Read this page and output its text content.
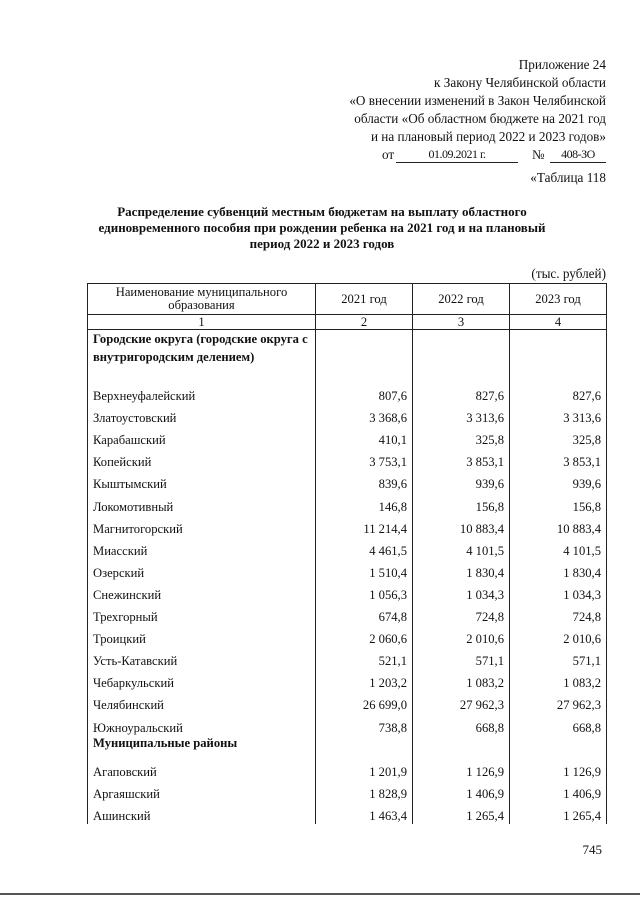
Приложение 24
к Закону Челябинской области
«О внесении изменений в Закон Челябинской
области «Об областном бюджете на 2021 год
и на плановый период 2022 и 2023 годов»
от	01.09.2021 г.	№	408-ЗО
«Таблица 118
Распределение субвенций местным бюджетам на выплату областного единовременного пособия при рождении ребенка на 2021 год и на плановый период 2022 и 2023 годов
(тыс. рублей)
Наименование муниципального образования	2021 год	2022 год	2023 год
1	2	3	4
Городские округа (городские округа с внутригородским делением)			
Верхнеуфалейский	807,6	827,6	827,6
Златоустовский	3 368,6	3 313,6	3 313,6
Карабашский	410,1	325,8	325,8
Копейский	3 753,1	3 853,1	3 853,1
Кыштымский	839,6	939,6	939,6
Локомотивный	146,8	156,8	156,8
Магнитогорский	11 214,4	10 883,4	10 883,4
Миасский	4 461,5	4 101,5	4 101,5
Озерский	1 510,4	1 830,4	1 830,4
Снежинский	1 056,3	1 034,3	1 034,3
Трехгорный	674,8	724,8	724,8
Троицкий	2 060,6	2 010,6	2 010,6
Усть-Катавский	521,1	571,1	571,1
Чебаркульский	1 203,2	1 083,2	1 083,2
Челябинский	26 699,0	27 962,3	27 962,3
Южноуральский	738,8	668,8	668,8
Муниципальные районы			
Агаповский	1 201,9	1 126,9	1 126,9
Аргаяшский	1 828,9	1 406,9	1 406,9
Ашинский	1 463,4	1 265,4	1 265,4
745
